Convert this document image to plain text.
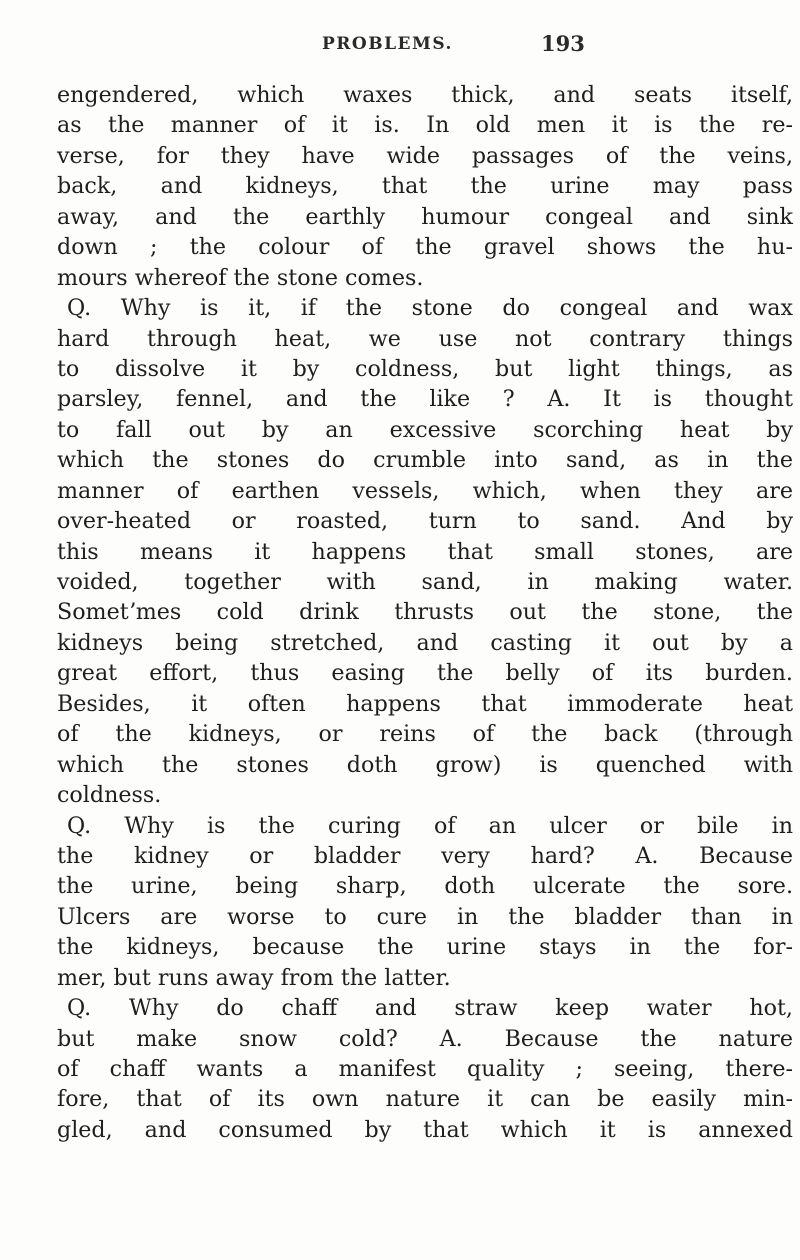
PROBLEMS.	193
engendered, which waxes thick, and seats itself,
as the manner of it is. In old men it is the re-
verse, for they have wide passages of the veins,
back, and kidneys, that the urine may pass
away, and the earthly humour congeal and sink
down ; the colour of the gravel shows the hu-
mours whereof the stone comes.
Q. Why is it, if the stone do congeal and wax
hard through heat, we use not contrary things
to dissolve it by coldness, but light things, as
parsley, fennel, and the like ? A. It is thought
to fall out by an excessive scorching heat by
which the stones do crumble into sand, as in the
manner of earthen vessels, which, when they are
over-heated or roasted, turn to sand. And by
this means it happens that small stones, are
voided, together with sand, in making water.
Sometʼmes cold drink thrusts out the stone, the
kidneys being stretched, and casting it out by a
great effort, thus easing the belly of its burden.
Besides, it often happens that immoderate heat
of the kidneys, or reins of the back (through
which the stones doth grow) is quenched with
coldness.
Q. Why is the curing of an ulcer or bile in
the kidney or bladder very hard? A. Because
the urine, being sharp, doth ulcerate the sore.
Ulcers are worse to cure in the bladder than in
the kidneys, because the urine stays in the for-
mer, but runs away from the latter.
Q. Why do chaff and straw keep water hot,
but make snow cold? A. Because the nature
of chaff wants a manifest quality ; seeing, there-
fore, that of its own nature it can be easily min-
gled, and consumed by that which it is annexed
